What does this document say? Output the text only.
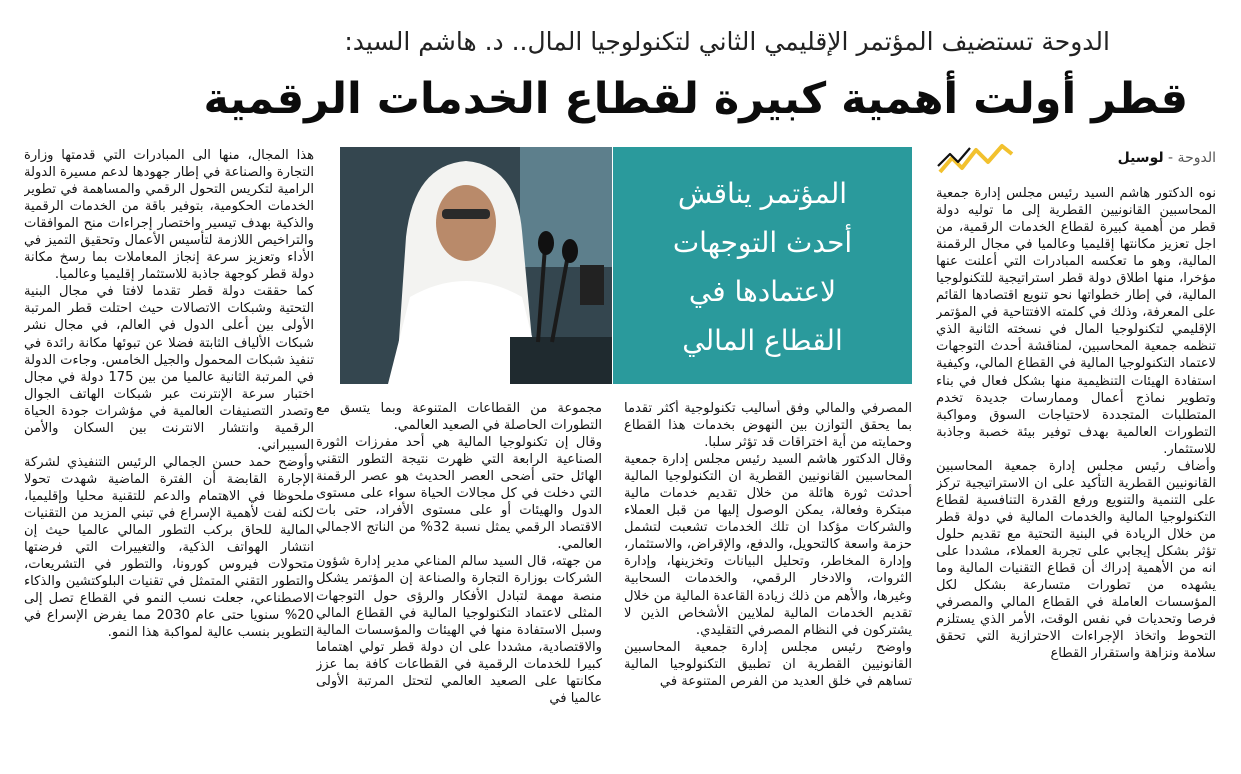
الدوحة تستضيف المؤتمر الإقليمي الثاني لتكنولوجيا المال.. د. هاشم السيد:
قطر أولت أهمية كبيرة لقطاع الخدمات الرقمية
الدوحة - لوسيل
المؤتمر يناقش
أحدث التوجهات
لاعتمادها في
القطاع المالي

نوه الدكتور هاشم السيد رئيس مجلس إدارة جمعية المحاسبين القانونيين القطرية إلى ما توليه دولة قطر من أهمية كبيرة لقطاع الخدمات الرقمية، من اجل تعزيز مكانتها إقليميا وعالميا في مجال الرقمنة المالية، وهو ما تعكسه المبادرات التي أعلنت عنها مؤخرا، منها اطلاق دولة قطر استراتيجية للتكنولوجيا المالية، في إطار خطواتها نحو تنويع اقتصادها القائم على المعرفة، وذلك في كلمته الافتتاحية في المؤتمر الإقليمي لتكنولوجيا المال في نسخته الثانية الذي تنظمه جمعية المحاسبين، لمناقشة أحدث التوجهات لاعتماد التكنولوجيا المالية في القطاع المالي، وكيفية استفادة الهيئات التنظيمية منها بشكل فعال في بناء وتطوير نماذج أعمال وممارسات جديدة تخدم المتطلبات المتجددة لاحتياجات السوق ومواكبة التطورات العالمية بهدف توفير بيئة خصبة وجاذبة للاستثمار.

وأضاف رئيس مجلس إدارة جمعية المحاسبين القانونيين القطرية التأكيد على ان الاستراتيجية تركز على التنمية والتنويع ورفع القدرة التنافسية لقطاع التكنولوجيا المالية والخدمات المالية في دولة قطر من خلال الريادة في البنية التحتية مع تقديم حلول تؤثر بشكل إيجابي على تجربة العملاء، مشددا على انه من الأهمية إدراك أن قطاع التقنيات المالية وما يشهده من تطورات متسارعة بشكل لكل المؤسسات العاملة في القطاع المالي والمصرفي فرصا وتحديات في نفس الوقت، الأمر الذي يستلزم التحوط واتخاذ الإجراءات الاحترازية التي تحقق سلامة ونزاهة واستقرار القطاع

المصرفي والمالي وفق أساليب تكنولوجية أكثر تقدما بما يحقق التوازن بين النهوض بخدمات هذا القطاع وحمايته من أية اختراقات قد تؤثر سلبا.

وقال الدكتور هاشم السيد رئيس مجلس إدارة جمعية المحاسبين القانونيين القطرية ان التكنولوجيا المالية أحدثت ثورة هائلة من خلال تقديم خدمات مالية مبتكرة وفعالة، يمكن الوصول إليها من قبل العملاء والشركات مؤكدا ان تلك الخدمات تشعبت لتشمل حزمة واسعة كالتحويل، والدفع، والإقراض، والاستثمار، وإدارة المخاطر، وتحليل البيانات وتخزينها، وإدارة الثروات، والادخار الرقمي، والخدمات السحابية وغيرها، والأهم من ذلك زيادة القاعدة المالية من خلال تقديم الخدمات المالية لملايين الأشخاص الذين لا يشتركون في النظام المصرفي التقليدي.

واوضح رئيس مجلس إدارة جمعية المحاسبين القانونيين القطرية ان تطبيق التكنولوجيا المالية تساهم في خلق العديد من الفرص المتنوعة في

مجموعة من القطاعات المتنوعة وبما يتسق مع التطورات الحاصلة في الصعيد العالمي.

وقال إن تكنولوجيا المالية هي أحد مفرزات الثورة الصناعية الرابعة التي ظهرت نتيجة التطور التقني الهائل حتى أضحى العصر الحديث هو عصر الرقمنة التي دخلت في كل مجالات الحياة سواء على مستوى الدول والهيئات أو على مستوى الأفراد، حتى بات الاقتصاد الرقمي يمثل نسبة 32% من الناتج الاجمالي العالمي.

من جهته، قال السيد سالم المناعي مدير إدارة شؤون الشركات بوزارة التجارة والصناعة إن المؤتمر يشكل منصة مهمة لتبادل الأفكار والرؤى حول التوجهات المثلى لاعتماد التكنولوجيا المالية في القطاع المالي وسبل الاستفادة منها في الهيئات والمؤسسات المالية والاقتصادية، مشددا على ان دولة قطر تولي اهتماما كبيرا للخدمات الرقمية في القطاعات كافة بما عزز مكانتها على الصعيد العالمي لتحتل المرتبة الأولى عالميا في

هذا المجال، منها الى المبادرات التي قدمتها وزارة التجارة والصناعة في إطار جهودها لدعم مسيرة الدولة الرامية لتكريس التحول الرقمي والمساهمة في تطوير الخدمات الحكومية، بتوفير باقة من الخدمات الرقمية والذكية بهدف تيسير واختصار إجراءات منح الموافقات والتراخيص اللازمة لتأسيس الأعمال وتحقيق التميز في الأداء وتعزيز سرعة إنجاز المعاملات بما رسخ مكانة دولة قطر كوجهة جاذبة للاستثمار إقليميا وعالميا.

كما حققت دولة قطر تقدما لافتا في مجال البنية التحتية وشبكات الاتصالات حيث احتلت قطر المرتبة الأولى بين أعلى الدول في العالم، في مجال نشر شبكات الألياف الثابتة فضلا عن تبوئها مكانة رائدة في تنفيذ شبكات المحمول والجيل الخامس. وجاءت الدولة في المرتبة الثانية عالميا من بين 175 دولة في مجال اختبار سرعة الإنترنت عبر شبكات الهاتف الجوال وتصدر التصنيفات العالمية في مؤشرات جودة الحياة الرقمية وانتشار الانترنت بين السكان والأمن السيبراني.

وأوضح حمد حسن الجمالي الرئيس التنفيذي لشركة الإجارة القابضة أن الفترة الماضية شهدت تحولا ملحوظا في الاهتمام والدعم للتقنية محليا وإقليميا، لكنه لفت لأهمية الإسراع في تبني المزيد من التقنيات المالية للحاق بركب التطور المالي عالميا حيث إن انتشار الهواتف الذكية، والتغييرات التي فرضتها متحولات فيروس كورونا، والتطور في التشريعات، والتطور التقني المتمثل في تقنيات البلوكتشين والذكاء الاصطناعي، جعلت نسب النمو في القطاع تصل إلى 20% سنويا حتى عام 2030 مما يفرض الإسراع في التطوير بنسب عالية لمواكبة هذا النمو.
